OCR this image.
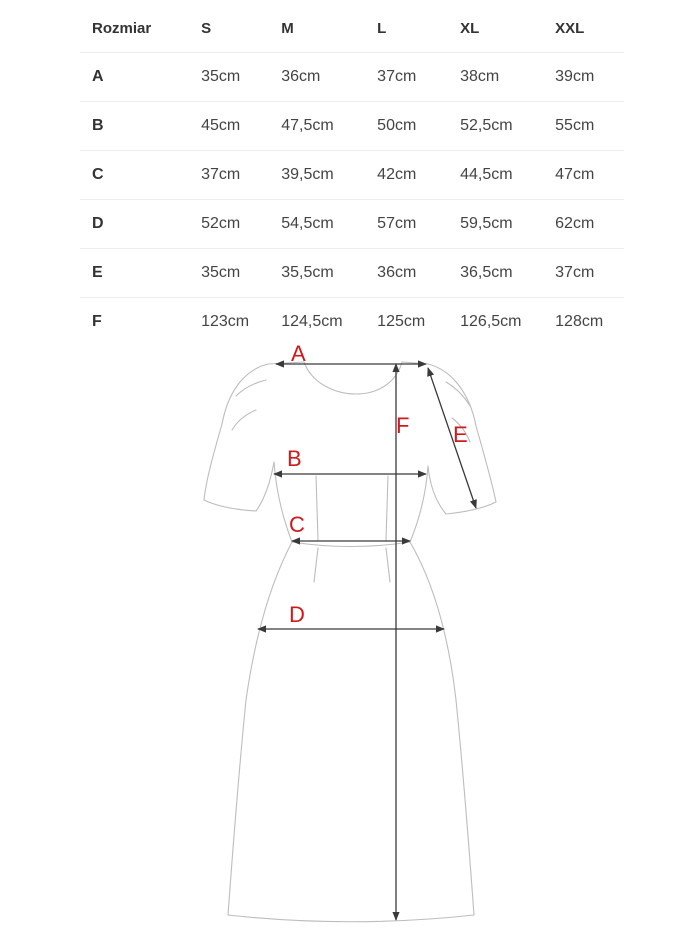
Rozmiar	S	M	L	XL	XXL
A	35cm	36cm	37cm	38cm	39cm
B	45cm	47,5cm	50cm	52,5cm	55cm
C	37cm	39,5cm	42cm	44,5cm	47cm
D	52cm	54,5cm	57cm	59,5cm	62cm
E	35cm	35,5cm	36cm	36,5cm	37cm
F	123cm	124,5cm	125cm	126,5cm	128cm
A
B
C
D
E
F
